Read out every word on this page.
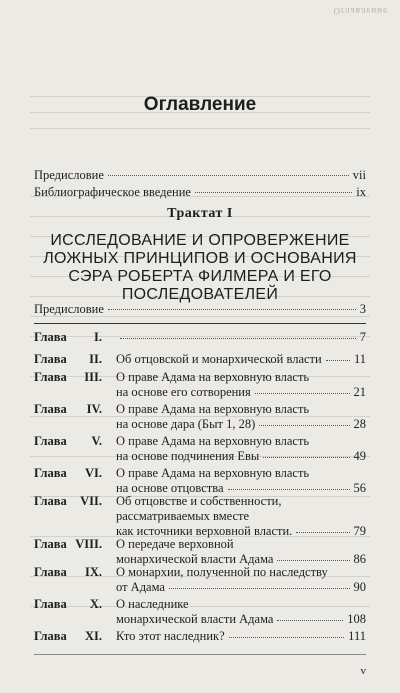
Оглавление
Оглавление
Предисловие	vii
Библиографическое введение	ix
Трактат I
ИССЛЕДОВАНИЕ И ОПРОВЕРЖЕНИЕ
ЛОЖНЫХ ПРИНЦИПОВ И ОСНОВАНИЯ
СЭРА РОБЕРТА ФИЛМЕРА И ЕГО
ПОСЛЕДОВАТЕЛЕЙ
Предисловие	3
Глава I.	7
Глава II. Об отцовской и монархической власти	11
Глава III. О праве Адама на верховную власть
на основе его сотворения	21
Глава IV. О праве Адама на верховную власть
на основе дара (Быт 1, 28)	28
Глава V. О праве Адама на верховную власть
на основе подчинения Евы	49
Глава VI. О праве Адама на верховную власть
на основе отцовства	56
Глава VII. Об отцовстве и собственности,
рассматриваемых вместе
как источники верховной власти.	79
Глава VIII. О передаче верховной
монархической власти Адама	86
Глава IX. О монархии, полученной по наследству
от Адама	90
Глава X. О наследнике
монархической власти Адама	108
Глава XI. Кто этот наследник?	111
v
